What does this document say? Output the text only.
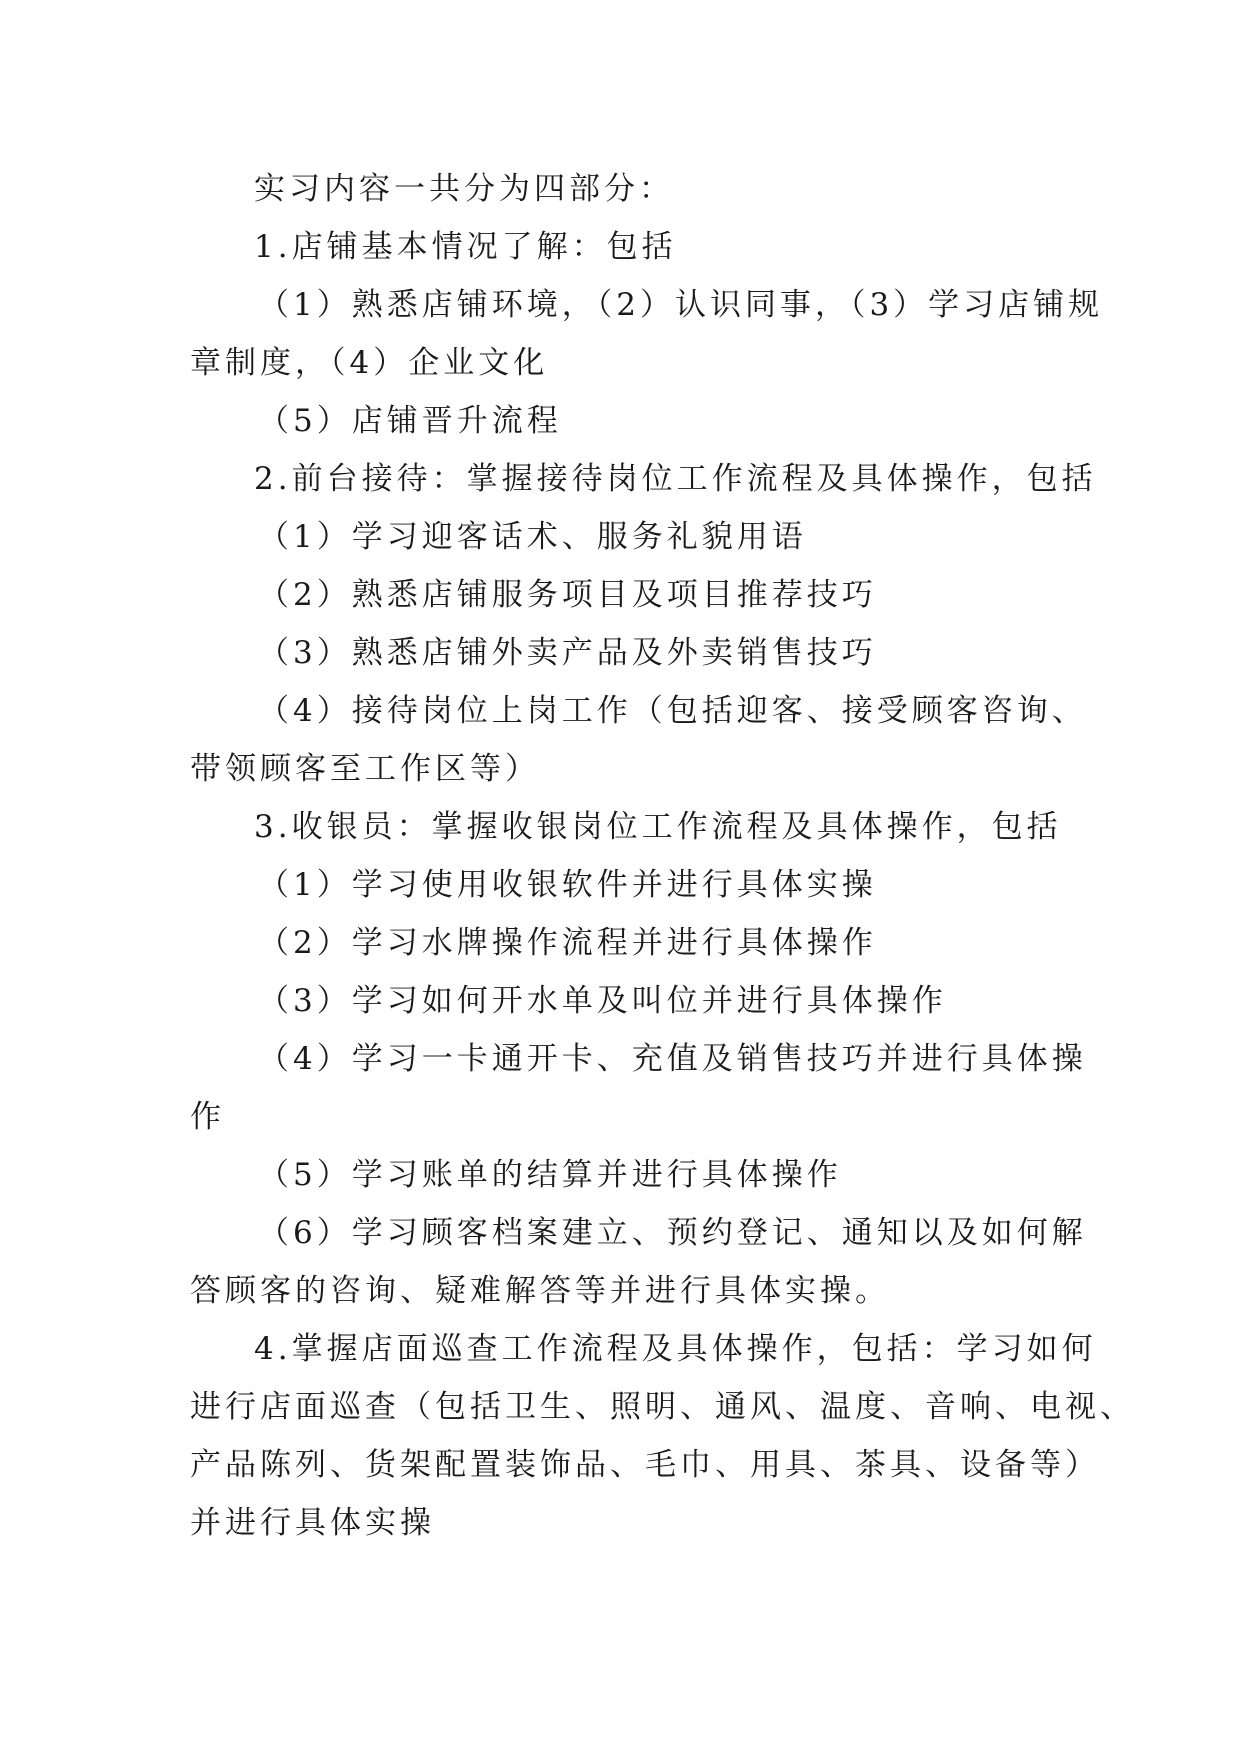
实习内容一共分为四部分：
1.店铺基本情况了解：包括
（1）熟悉店铺环境，（2）认识同事，（3）学习店铺规
章制度，（4）企业文化
（5）店铺晋升流程
2.前台接待：掌握接待岗位工作流程及具体操作，包括
（1）学习迎客话术、服务礼貌用语
（2）熟悉店铺服务项目及项目推荐技巧
（3）熟悉店铺外卖产品及外卖销售技巧
（4）接待岗位上岗工作（包括迎客、接受顾客咨询、
带领顾客至工作区等）
3.收银员：掌握收银岗位工作流程及具体操作，包括
（1）学习使用收银软件并进行具体实操
（2）学习水牌操作流程并进行具体操作
（3）学习如何开水单及叫位并进行具体操作
（4）学习一卡通开卡、充值及销售技巧并进行具体操
作
（5）学习账单的结算并进行具体操作
（6）学习顾客档案建立、预约登记、通知以及如何解
答顾客的咨询、疑难解答等并进行具体实操。
4.掌握店面巡查工作流程及具体操作，包括：学习如何
进行店面巡查（包括卫生、照明、通风、温度、音响、电视、
产品陈列、货架配置装饰品、毛巾、用具、茶具、设备等）
并进行具体实操
